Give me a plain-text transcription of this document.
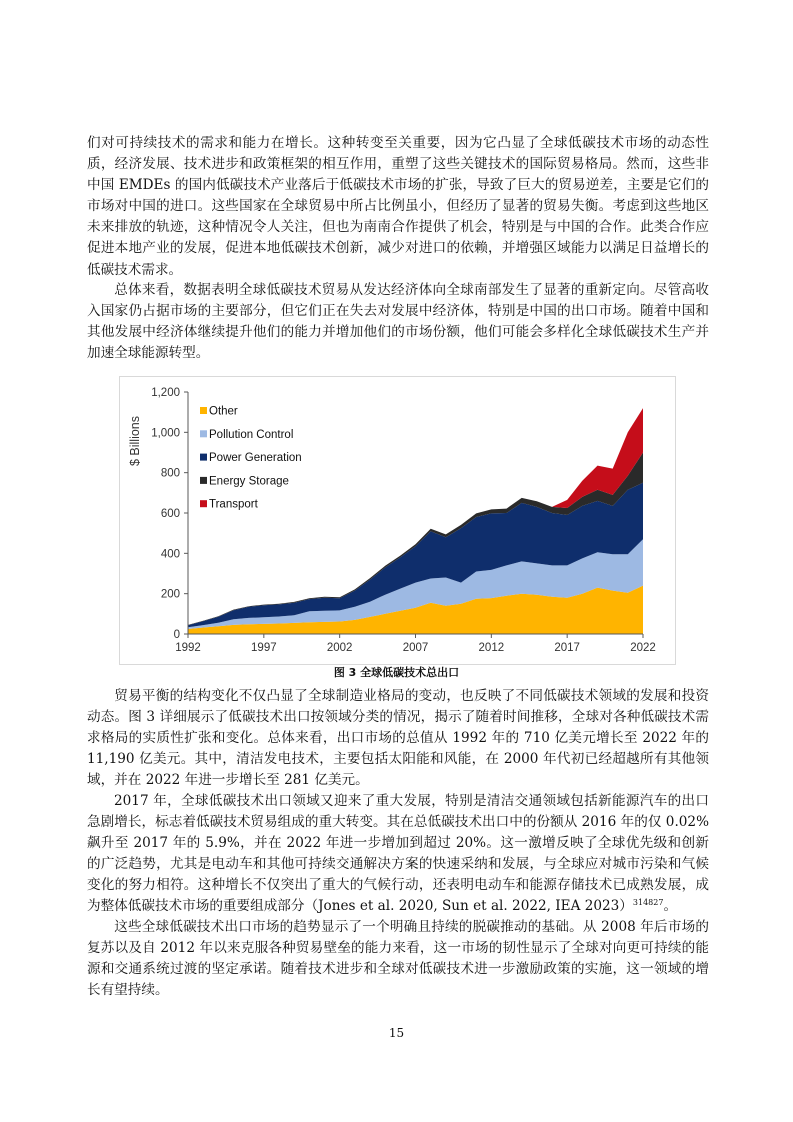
们对可持续技术的需求和能力在增长。这种转变至关重要，因为它凸显了全球低碳技术市场的动态性质，经济发展、技术进步和政策框架的相互作用，重塑了这些关键技术的国际贸易格局。然而，这些非中国 EMDEs 的国内低碳技术产业落后于低碳技术市场的扩张，导致了巨大的贸易逆差，主要是它们的市场对中国的进口。这些国家在全球贸易中所占比例虽小，但经历了显著的贸易失衡。考虑到这些地区未来排放的轨迹，这种情况令人关注，但也为南南合作提供了机会，特别是与中国的合作。此类合作应促进本地产业的发展，促进本地低碳技术创新，减少对进口的依赖，并增强区域能力以满足日益增长的低碳技术需求。

总体来看，数据表明全球低碳技术贸易从发达经济体向全球南部发生了显著的重新定向。尽管高收入国家仍占据市场的主要部分，但它们正在失去对发展中经济体，特别是中国的出口市场。随着中国和其他发展中经济体继续提升他们的能力并增加他们的市场份额，他们可能会多样化全球低碳技术生产并加速全球能源转型。

0
200
400
600
800
1,000
1,200
1992	1997	2002	2007	2012	2017	2022
$ Billions
Other
Pollution Control
Power Generation
Energy Storage
Transport
图 3 全球低碳技术总出口

贸易平衡的结构变化不仅凸显了全球制造业格局的变动，也反映了不同低碳技术领域的发展和投资动态。图 3 详细展示了低碳技术出口按领域分类的情况，揭示了随着时间推移，全球对各种低碳技术需求格局的实质性扩张和变化。总体来看，出口市场的总值从 1992 年的 710 亿美元增长至 2022 年的 11,190 亿美元。其中，清洁发电技术，主要包括太阳能和风能，在 2000 年代初已经超越所有其他领域，并在 2022 年进一步增长至 281 亿美元。

2017 年，全球低碳技术出口领域又迎来了重大发展，特别是清洁交通领域包括新能源汽车的出口急剧增长，标志着低碳技术贸易组成的重大转变。其在总低碳技术出口中的份额从 2016 年的仅 0.02%飙升至 2017 年的 5.9%，并在 2022 年进一步增加到超过 20%。这一激增反映了全球优先级和创新的广泛趋势，尤其是电动车和其他可持续交通解决方案的快速采纳和发展，与全球应对城市污染和气候变化的努力相符。这种增长不仅突出了重大的气候行动，还表明电动车和能源存储技术已成熟发展，成为整体低碳技术市场的重要组成部分（Jones et al. 2020, Sun et al. 2022, IEA 2023）$^{314827}$。

这些全球低碳技术出口市场的趋势显示了一个明确且持续的脱碳推动的基础。从 2008 年后市场的复苏以及自 2012 年以来克服各种贸易壁垒的能力来看，这一市场的韧性显示了全球对向更可持续的能源和交通系统过渡的坚定承诺。随着技术进步和全球对低碳技术进一步激励政策的实施，这一领域的增长有望持续。

15
